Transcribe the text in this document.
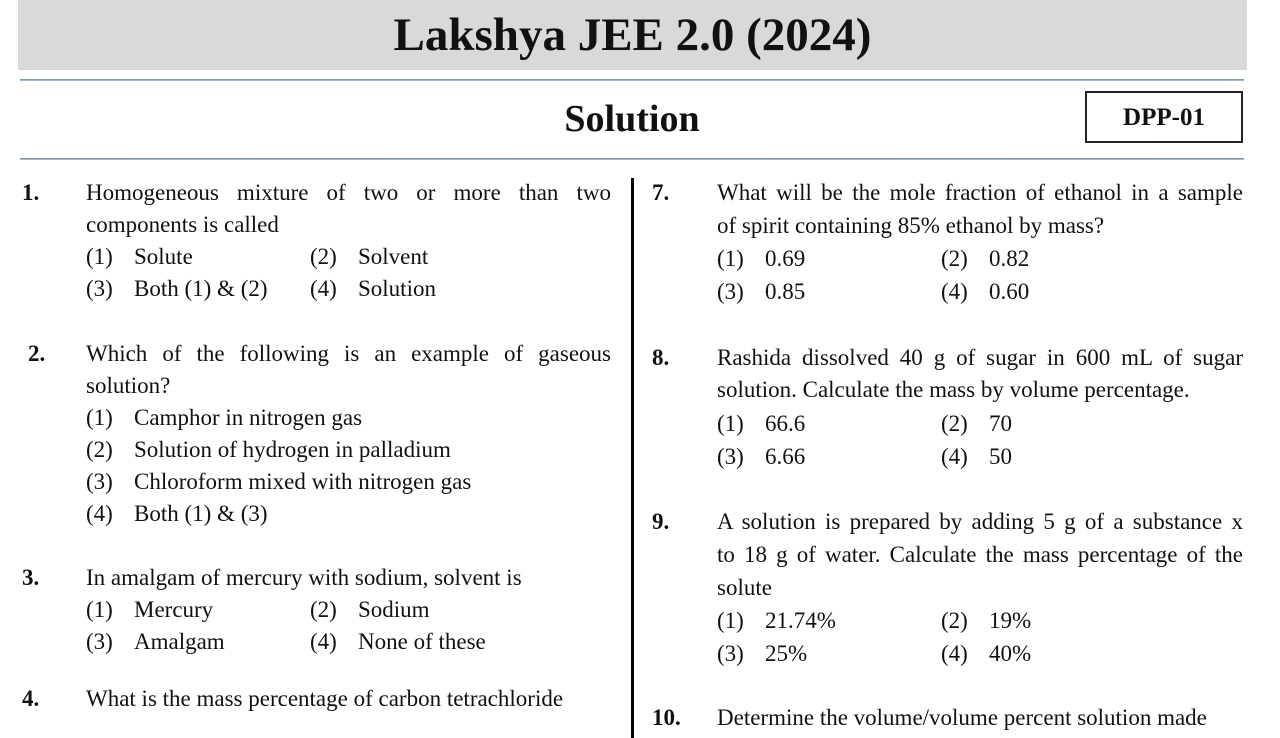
Lakshya JEE 2.0 (2024)
Solution	DPP-01
1. Homogeneous mixture of two or more than two
components is called
(1) Solute	(2) Solvent
(3) Both (1) & (2) (4) Solution
2. Which of the following is an example of gaseous
solution?
(1) Camphor in nitrogen gas
(2) Solution of hydrogen in palladium
(3) Chloroform mixed with nitrogen gas
(4) Both (1) & (3)
3. In amalgam of mercury with sodium, solvent is
(1) Mercury	(2) Sodium
(3) Amalgam	(4) None of these
4. What is the mass percentage of carbon tetrachloride
7. What will be the mole fraction of ethanol in a sample
of spirit containing 85% ethanol by mass?
(1) 0.69	(2) 0.82
(3) 0.85	(4) 0.60
8. Rashida dissolved 40 g of sugar in 600 mL of sugar
solution. Calculate the mass by volume percentage.
(1) 66.6	(2) 70
(3) 6.66	(4) 50
9. A solution is prepared by adding 5 g of a substance x
to 18 g of water. Calculate the mass percentage of the
solute
(1) 21.74%	(2) 19%
(3) 25%	(4) 40%
10. Determine the volume/volume percent solution made
